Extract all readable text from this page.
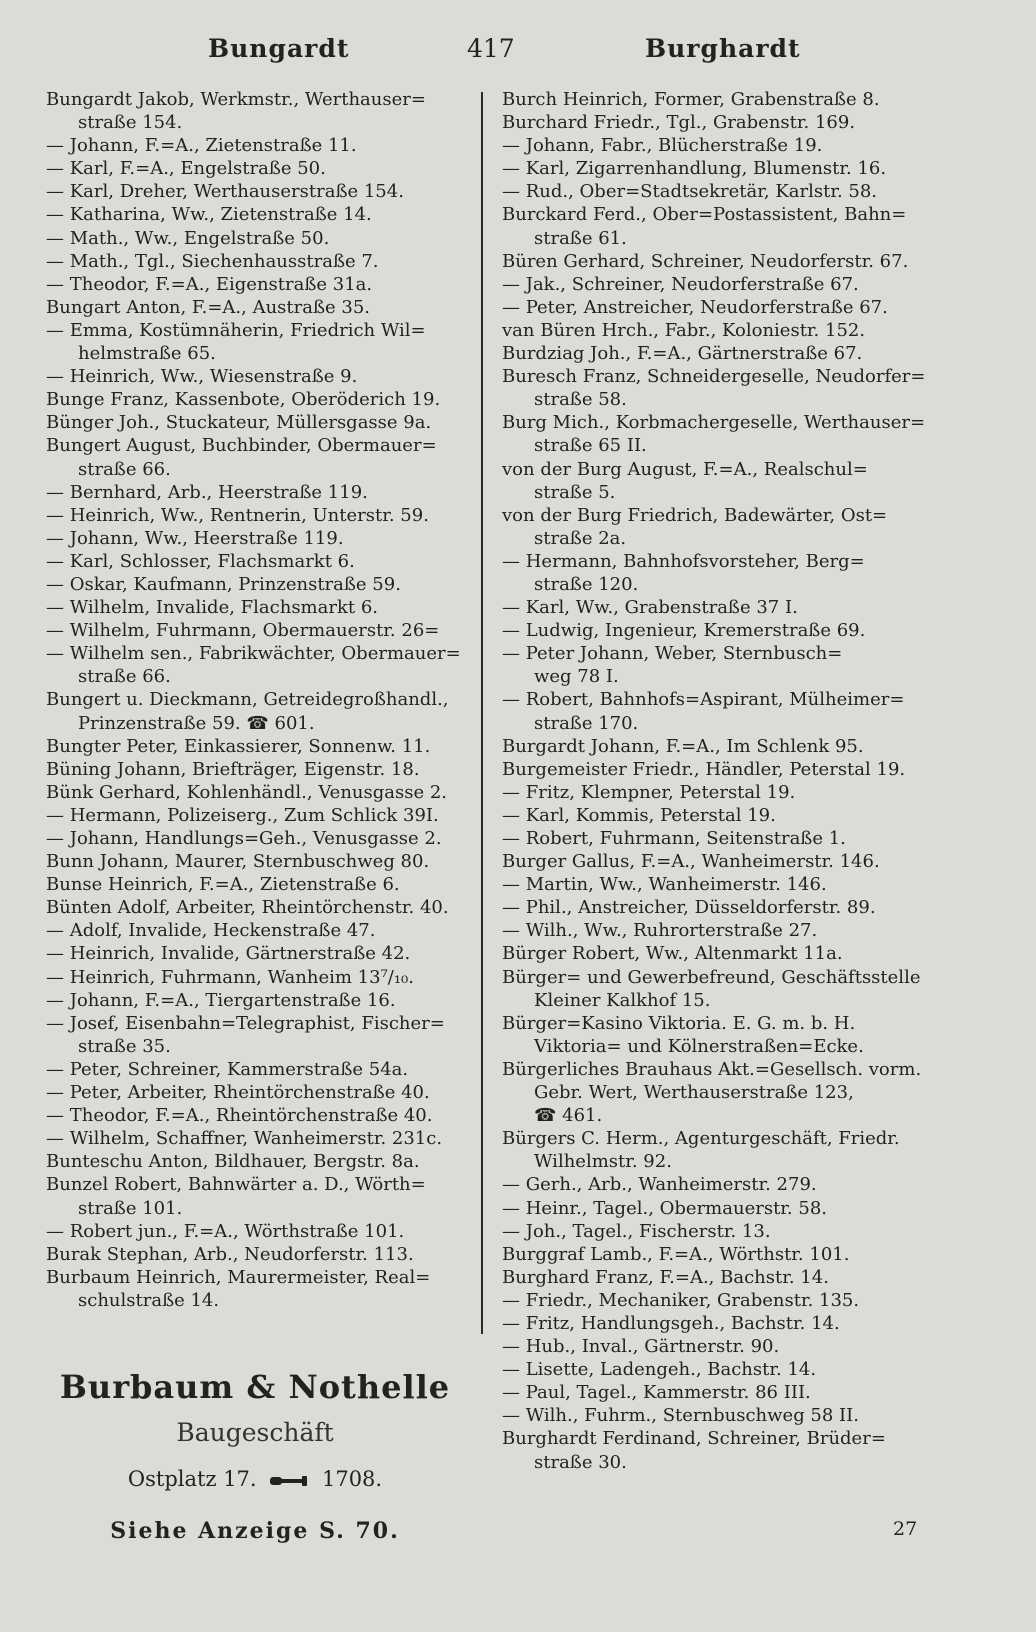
Bungardt	417	Burghardt
Bungardt Jakob, Werkmstr., Werthauser=
straße 154.
— Johann, F.=A., Zietenstraße 11.
— Karl, F.=A., Engelstraße 50.
— Karl, Dreher, Werthauserstraße 154.
— Katharina, Ww., Zietenstraße 14.
— Math., Ww., Engelstraße 50.
— Math., Tgl., Siechenhausstraße 7.
— Theodor, F.=A., Eigenstraße 31a.
Bungart Anton, F.=A., Austraße 35.
— Emma, Kostümnäherin, Friedrich Wil=
helmstraße 65.
— Heinrich, Ww., Wiesenstraße 9.
Bunge Franz, Kassenbote, Oberöderich 19.
Bünger Joh., Stuckateur, Müllersgasse 9a.
Bungert August, Buchbinder, Obermauer=
straße 66.
— Bernhard, Arb., Heerstraße 119.
— Heinrich, Ww., Rentnerin, Unterstr. 59.
— Johann, Ww., Heerstraße 119.
— Karl, Schlosser, Flachsmarkt 6.
— Oskar, Kaufmann, Prinzenstraße 59.
— Wilhelm, Invalide, Flachsmarkt 6.
— Wilhelm, Fuhrmann, Obermauerstr. 26=
— Wilhelm sen., Fabrikwächter, Obermauer=
straße 66.
Bungert u. Dieckmann, Getreidegroßhandl.,
Prinzenstraße 59. ☎ 601.
Bungter Peter, Einkassierer, Sonnenw. 11.
Büning Johann, Briefträger, Eigenstr. 18.
Bünk Gerhard, Kohlenhändl., Venusgasse 2.
— Hermann, Polizeiserg., Zum Schlick 39I.
— Johann, Handlungs=Geh., Venusgasse 2.
Bunn Johann, Maurer, Sternbuschweg 80.
Bunse Heinrich, F.=A., Zietenstraße 6.
Bünten Adolf, Arbeiter, Rheintörchenstr. 40.
— Adolf, Invalide, Heckenstraße 47.
— Heinrich, Invalide, Gärtnerstraße 42.
— Heinrich, Fuhrmann, Wanheim 13⁷/₁₀.
— Johann, F.=A., Tiergartenstraße 16.
— Josef, Eisenbahn=Telegraphist, Fischer=
straße 35.
— Peter, Schreiner, Kammerstraße 54a.
— Peter, Arbeiter, Rheintörchenstraße 40.
— Theodor, F.=A., Rheintörchenstraße 40.
— Wilhelm, Schaffner, Wanheimerstr. 231c.
Bunteschu Anton, Bildhauer, Bergstr. 8a.
Bunzel Robert, Bahnwärter a. D., Wörth=
straße 101.
— Robert jun., F.=A., Wörthstraße 101.
Burak Stephan, Arb., Neudorferstr. 113.
Burbaum Heinrich, Maurermeister, Real=
schulstraße 14.
Burch Heinrich, Former, Grabenstraße 8.
Burchard Friedr., Tgl., Grabenstr. 169.
— Johann, Fabr., Blücherstraße 19.
— Karl, Zigarrenhandlung, Blumenstr. 16.
— Rud., Ober=Stadtsekretär, Karlstr. 58.
Burckard Ferd., Ober=Postassistent, Bahn=
straße 61.
Büren Gerhard, Schreiner, Neudorferstr. 67.
— Jak., Schreiner, Neudorferstraße 67.
— Peter, Anstreicher, Neudorferstraße 67.
van Büren Hrch., Fabr., Koloniestr. 152.
Burdziag Joh., F.=A., Gärtnerstraße 67.
Buresch Franz, Schneidergeselle, Neudorfer=
straße 58.
Burg Mich., Korbmachergeselle, Werthauser=
straße 65 II.
von der Burg August, F.=A., Realschul=
straße 5.
von der Burg Friedrich, Badewärter, Ost=
straße 2a.
— Hermann, Bahnhofsvorsteher, Berg=
straße 120.
— Karl, Ww., Grabenstraße 37 I.
— Ludwig, Ingenieur, Kremerstraße 69.
— Peter Johann, Weber, Sternbusch=
weg 78 I.
— Robert, Bahnhofs=Aspirant, Mülheimer=
straße 170.
Burgardt Johann, F.=A., Im Schlenk 95.
Burgemeister Friedr., Händler, Peterstal 19.
— Fritz, Klempner, Peterstal 19.
— Karl, Kommis, Peterstal 19.
— Robert, Fuhrmann, Seitenstraße 1.
Burger Gallus, F.=A., Wanheimerstr. 146.
— Martin, Ww., Wanheimerstr. 146.
— Phil., Anstreicher, Düsseldorferstr. 89.
— Wilh., Ww., Ruhrorterstraße 27.
Bürger Robert, Ww., Altenmarkt 11a.
Bürger= und Gewerbefreund, Geschäftsstelle
Kleiner Kalkhof 15.
Bürger=Kasino Viktoria. E. G. m. b. H.
Viktoria= und Kölnerstraßen=Ecke.
Bürgerliches Brauhaus Akt.=Gesellsch. vorm.
Gebr. Wert, Werthauserstraße 123,
☎ 461.
Bürgers C. Herm., Agenturgeschäft, Friedr.
Wilhelmstr. 92.
— Gerh., Arb., Wanheimerstr. 279.
— Heinr., Tagel., Obermauerstr. 58.
— Joh., Tagel., Fischerstr. 13.
Burggraf Lamb., F.=A., Wörthstr. 101.
Burghard Franz, F.=A., Bachstr. 14.
— Friedr., Mechaniker, Grabenstr. 135.
— Fritz, Handlungsgeh., Bachstr. 14.
— Hub., Inval., Gärtnerstr. 90.
— Lisette, Ladengeh., Bachstr. 14.
— Paul, Tagel., Kammerstr. 86 III.
— Wilh., Fuhrm., Sternbuschweg 58 II.
Burghardt Ferdinand, Schreiner, Brüder=
straße 30.
Burbaum & Nothelle
Baugeschäft
Ostplatz 17.	1708.
Siehe Anzeige S. 70.	27
